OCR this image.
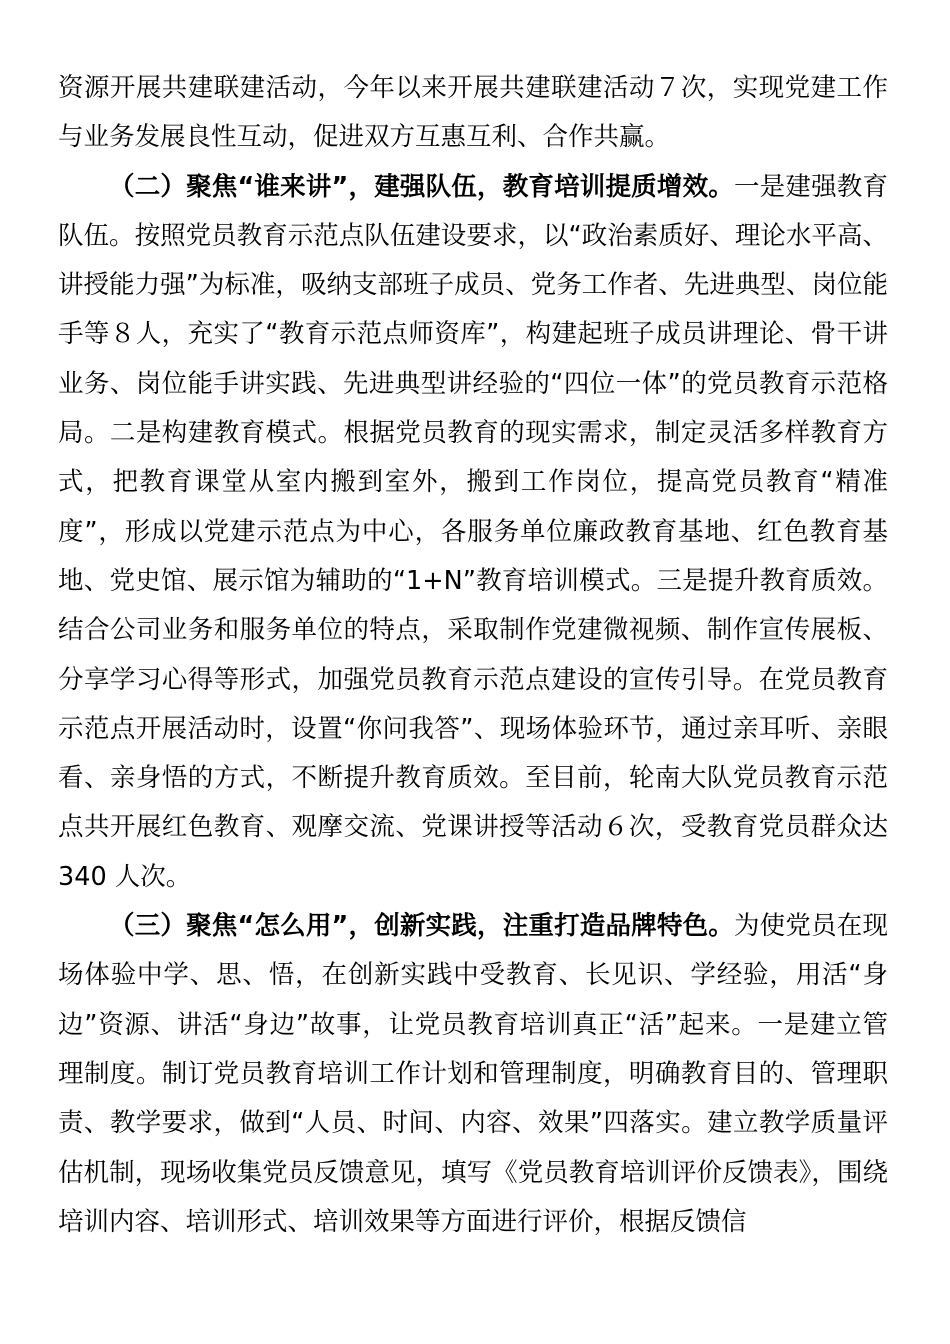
资源开展共建联建活动，今年以来开展共建联建活动７次，实现党建工作与业务发展良性互动，促进双方互惠互利、合作共赢。

（二）聚焦“谁来讲”，建强队伍，教育培训提质增效。一是建强教育队伍。按照党员教育示范点队伍建设要求，以“政治素质好、理论水平高、讲授能力强”为标准，吸纳支部班子成员、党务工作者、先进典型、岗位能手等８人，充实了“教育示范点师资库”，构建起班子成员讲理论、骨干讲业务、岗位能手讲实践、先进典型讲经验的“四位一体”的党员教育示范格局。二是构建教育模式。根据党员教育的现实需求，制定灵活多样教育方式，把教育课堂从室内搬到室外，搬到工作岗位，提高党员教育“精准度”，形成以党建示范点为中心，各服务单位廉政教育基地、红色教育基地、党史馆、展示馆为辅助的“1+N”教育培训模式。三是提升教育质效。结合公司业务和服务单位的特点，采取制作党建微视频、制作宣传展板、分享学习心得等形式，加强党员教育示范点建设的宣传引导。在党员教育示范点开展活动时，设置“你问我答”、现场体验环节，通过亲耳听、亲眼看、亲身悟的方式，不断提升教育质效。至目前，轮南大队党员教育示范点共开展红色教育、观摩交流、党课讲授等活动６次，受教育党员群众达 340 人次。

（三）聚焦“怎么用”，创新实践，注重打造品牌特色。为使党员在现场体验中学、思、悟，在创新实践中受教育、长见识、学经验，用活“身边”资源、讲活“身边”故事，让党员教育培训真正“活”起来。一是建立管理制度。制订党员教育培训工作计划和管理制度，明确教育目的、管理职责、教学要求，做到“人员、时间、内容、效果”四落实。建立教学质量评估机制，现场收集党员反馈意见，填写《党员教育培训评价反馈表》，围绕培训内容、培训形式、培训效果等方面进行评价，根据反馈信
